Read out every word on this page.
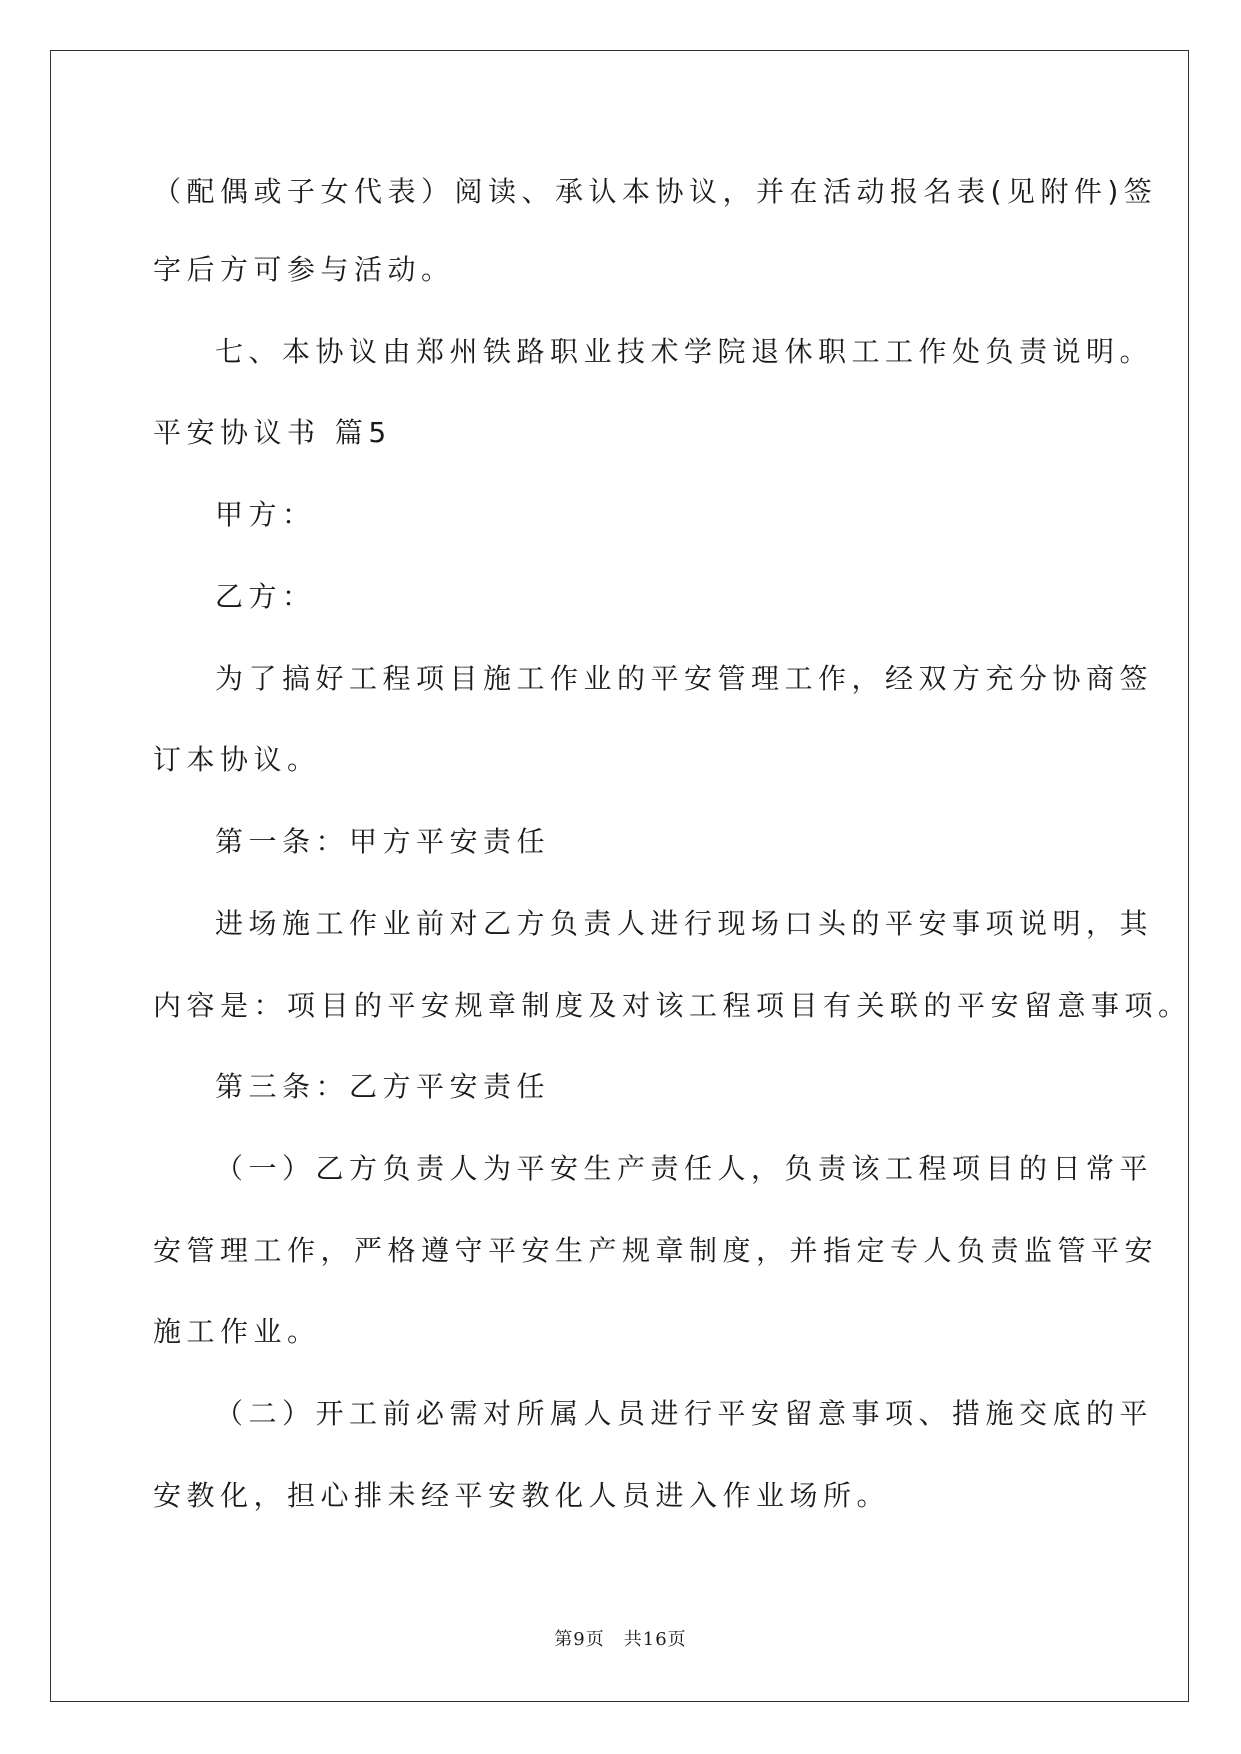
（配偶或子女代表）阅读、承认本协议，并在活动报名表(见附件)签
字后方可参与活动。
七、本协议由郑州铁路职业技术学院退休职工工作处负责说明。
平安协议书 篇5
甲方：
乙方：
为了搞好工程项目施工作业的平安管理工作，经双方充分协商签
订本协议。
第一条：甲方平安责任
进场施工作业前对乙方负责人进行现场口头的平安事项说明，其
内容是：项目的平安规章制度及对该工程项目有关联的平安留意事项。
第三条：乙方平安责任
（一）乙方负责人为平安生产责任人，负责该工程项目的日常平
安管理工作，严格遵守平安生产规章制度，并指定专人负责监管平安
施工作业。
（二）开工前必需对所属人员进行平安留意事项、措施交底的平
安教化，担心排未经平安教化人员进入作业场所。
第9页　共16页
